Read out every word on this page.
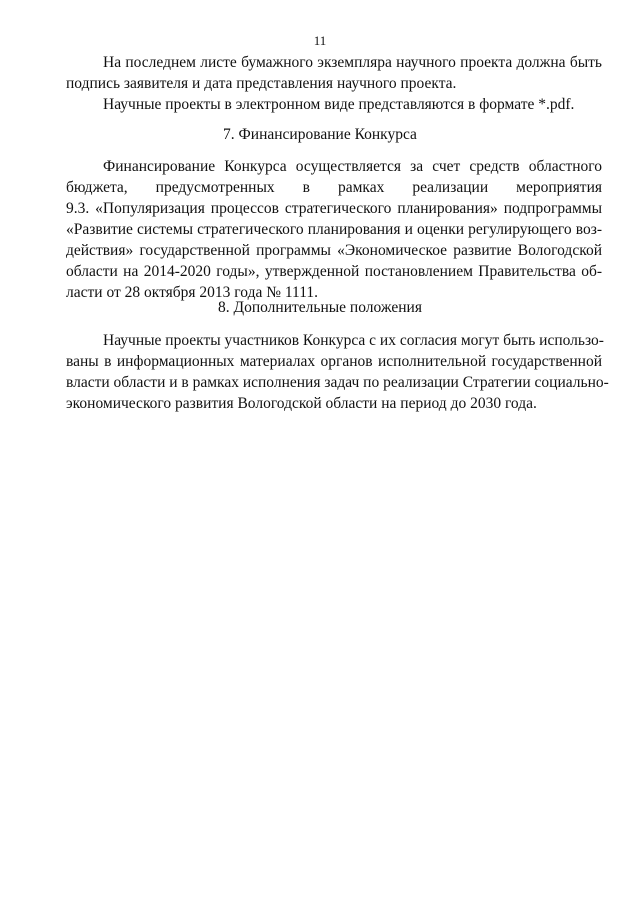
11
На последнем листе бумажного экземпляра научного проекта должна быть
подпись заявителя и дата представления научного проекта.
Научные проекты в электронном виде представляются в формате *.pdf.
7. Финансирование Конкурса
Финансирование Конкурса осуществляется за счет средств областного
бюджета, предусмотренных в рамках реализации мероприятия
9.3. «Популяризация процессов стратегического планирования» подпрограммы
«Развитие системы стратегического планирования и оценки регулирующего воз-
действия» государственной программы «Экономическое развитие Вологодской
области на 2014-2020 годы», утвержденной постановлением Правительства об-
ласти от 28 октября 2013 года № 1111.
8. Дополнительные положения
Научные проекты участников Конкурса с их согласия могут быть использо-
ваны в информационных материалах органов исполнительной государственной
власти области и в рамках исполнения задач по реализации Стратегии социально-
экономического развития Вологодской области на период до 2030 года.
